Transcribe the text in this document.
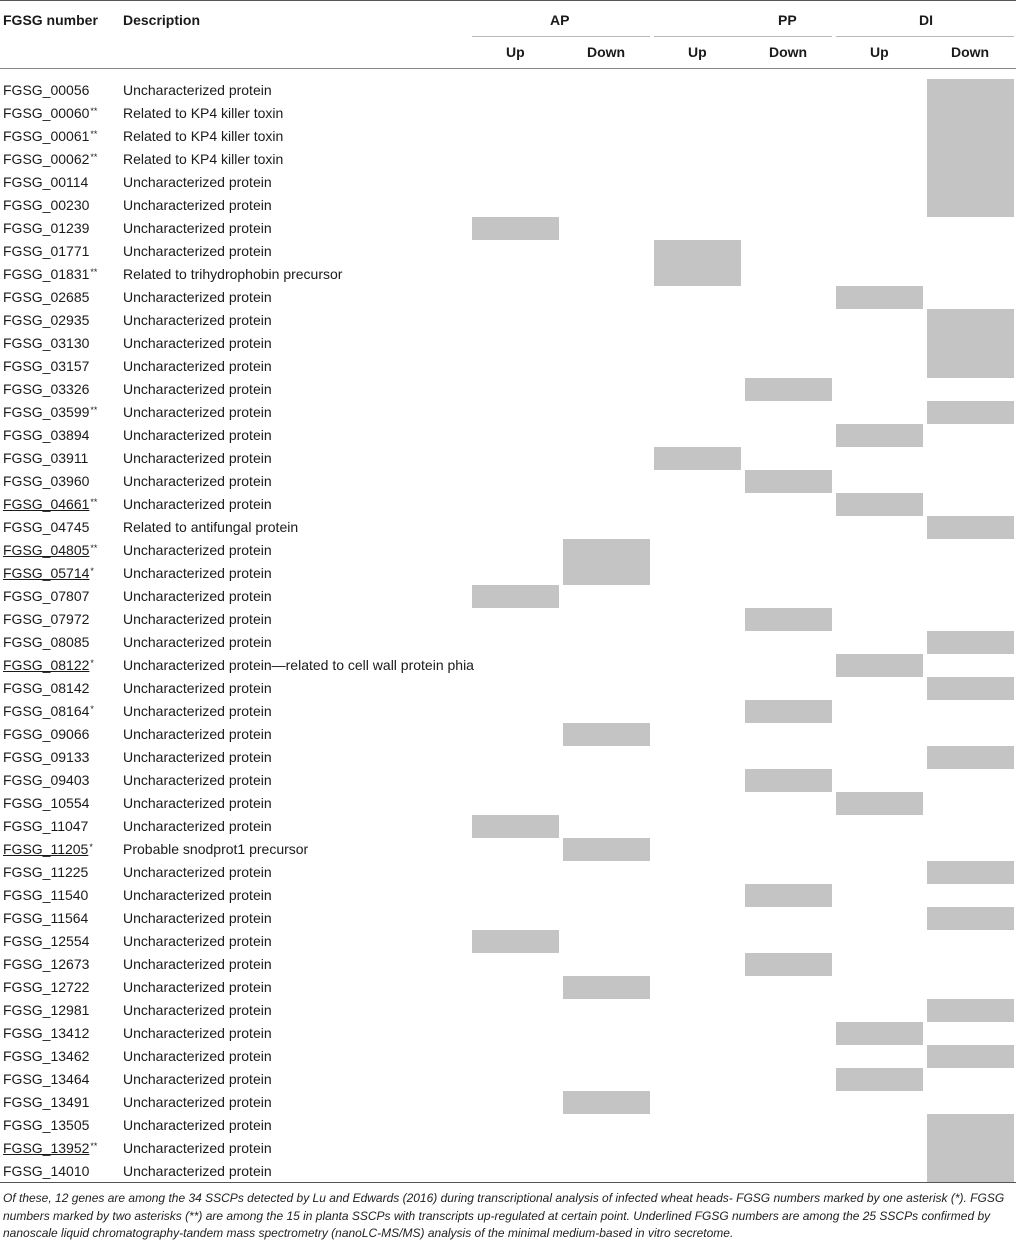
FGSG number Description	AP	PP	DI
Up	Down	Up	Down	Up	Down
FGSG_00056 Uncharacterized protein
FGSG_00060** Related to KP4 killer toxin
FGSG_00061** Related to KP4 killer toxin
FGSG_00062** Related to KP4 killer toxin
FGSG_00114 Uncharacterized protein
FGSG_00230 Uncharacterized protein
FGSG_01239 Uncharacterized protein
FGSG_01771 Uncharacterized protein
FGSG_01831** Related to trihydrophobin precursor
FGSG_02685 Uncharacterized protein
FGSG_02935 Uncharacterized protein
FGSG_03130 Uncharacterized protein
FGSG_03157 Uncharacterized protein
FGSG_03326 Uncharacterized protein
FGSG_03599** Uncharacterized protein
FGSG_03894 Uncharacterized protein
FGSG_03911 Uncharacterized protein
FGSG_03960 Uncharacterized protein
FGSG_04661** Uncharacterized protein
FGSG_04745 Related to antifungal protein
FGSG_04805** Uncharacterized protein
FGSG_05714* Uncharacterized protein
FGSG_07807 Uncharacterized protein
FGSG_07972 Uncharacterized protein
FGSG_08085 Uncharacterized protein
FGSG_08122* Uncharacterized protein—related to cell wall protein phia
FGSG_08142 Uncharacterized protein
FGSG_08164* Uncharacterized protein
FGSG_09066 Uncharacterized protein
FGSG_09133 Uncharacterized protein
FGSG_09403 Uncharacterized protein
FGSG_10554 Uncharacterized protein
FGSG_11047 Uncharacterized protein
FGSG_11205* Probable snodprot1 precursor
FGSG_11225 Uncharacterized protein
FGSG_11540 Uncharacterized protein
FGSG_11564 Uncharacterized protein
FGSG_12554 Uncharacterized protein
FGSG_12673 Uncharacterized protein
FGSG_12722 Uncharacterized protein
FGSG_12981 Uncharacterized protein
FGSG_13412 Uncharacterized protein
FGSG_13462 Uncharacterized protein
FGSG_13464 Uncharacterized protein
FGSG_13491 Uncharacterized protein
FGSG_13505 Uncharacterized protein
FGSG_13952** Uncharacterized protein
FGSG_14010 Uncharacterized protein
Of these, 12 genes are among the 34 SSCPs detected by Lu and Edwards (2016) during transcriptional analysis of infected wheat heads- FGSG numbers marked by one asterisk (*). FGSG numbers marked by two asterisks (**) are among the 15 in planta SSCPs with transcripts up-regulated at certain point. Underlined FGSG numbers are among the 25 SSCPs confirmed by nanoscale liquid chromatography-tandem mass spectrometry (nanoLC-MS/MS) analysis of the minimal medium-based in vitro secretome.
